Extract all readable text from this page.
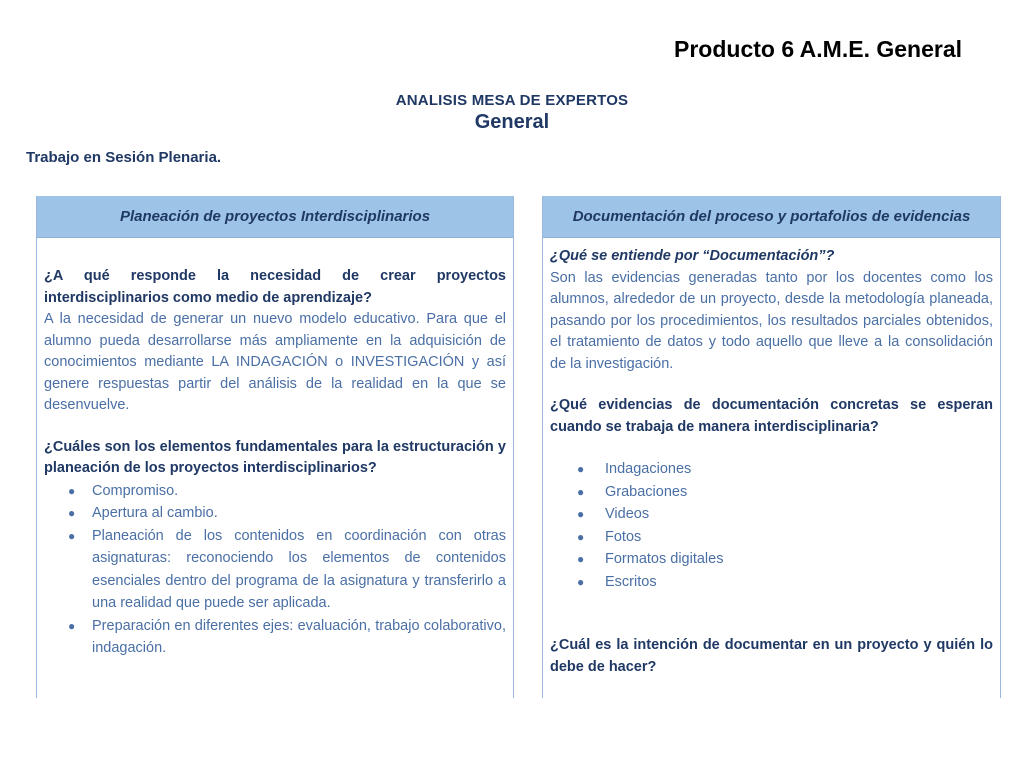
Producto 6 A.M.E. General
ANALISIS MESA DE EXPERTOS
General

Trabajo en Sesión Plenaria.

Planeación de proyectos Interdisciplinarios

¿A qué responde la necesidad de crear proyectos interdisciplinarios como medio de aprendizaje?

A la necesidad de generar un nuevo modelo educativo. Para que el alumno pueda desarrollarse más ampliamente en la adquisición de conocimientos mediante LA INDAGACIÓN o INVESTIGACIÓN y así genere respuestas partir del análisis de la realidad en la que se desenvuelve.

¿Cuáles son los elementos fundamentales para la estructuración y planeación de los proyectos interdisciplinarios?

● Compromiso.
● Apertura al cambio.
● Planeación de los contenidos en coordinación con otras asignaturas: reconociendo los elementos de contenidos esenciales dentro del programa de la asignatura y transferirlo a una realidad que puede ser aplicada.
● Preparación en diferentes ejes: evaluación, trabajo colaborativo, indagación.
Documentación del proceso y portafolios de evidencias

¿Qué se entiende por “Documentación”?

Son las evidencias generadas tanto por los docentes como los alumnos, alrededor de un proyecto, desde la metodología planeada, pasando por los procedimientos, los resultados parciales obtenidos, el tratamiento de datos y todo aquello que lleve a la consolidación de la investigación.

¿Qué evidencias de documentación concretas se esperan cuando se trabaja de manera interdisciplinaria?

● Indagaciones
● Grabaciones
● Videos
● Fotos
● Formatos digitales
● Escritos

¿Cuál es la intención de documentar en un proyecto y quién lo debe de hacer?
